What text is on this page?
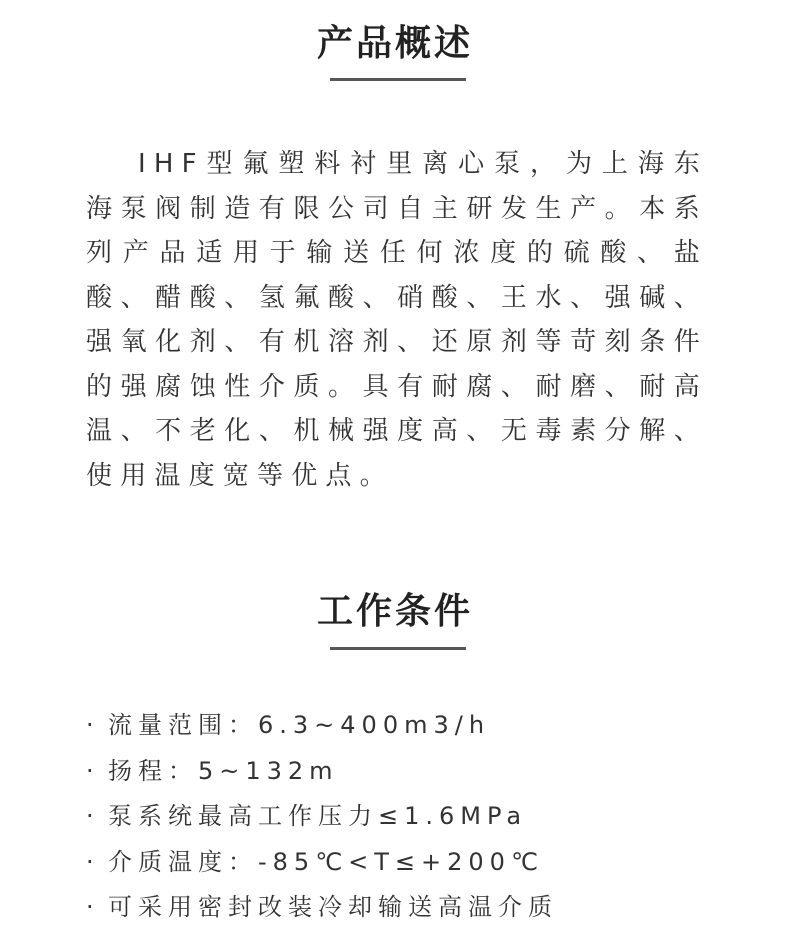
产品概述

IHF型氟塑料衬里离心泵，为上海东海泵阀制造有限公司自主研发生产。本系列产品适用于输送任何浓度的硫酸、盐酸、醋酸、氢氟酸、硝酸、王水、强碱、强氧化剂、有机溶剂、还原剂等苛刻条件的强腐蚀性介质。具有耐腐、耐磨、耐高温、不老化、机械强度高、无毒素分解、使用温度宽等优点。

工作条件
· 流量范围：6.3~400m3/h
· 扬程：5~132m
· 泵系统最高工作压力≤1.6MPa
· 介质温度：-85℃<T≤+200℃
· 可采用密封改装冷却输送高温介质
